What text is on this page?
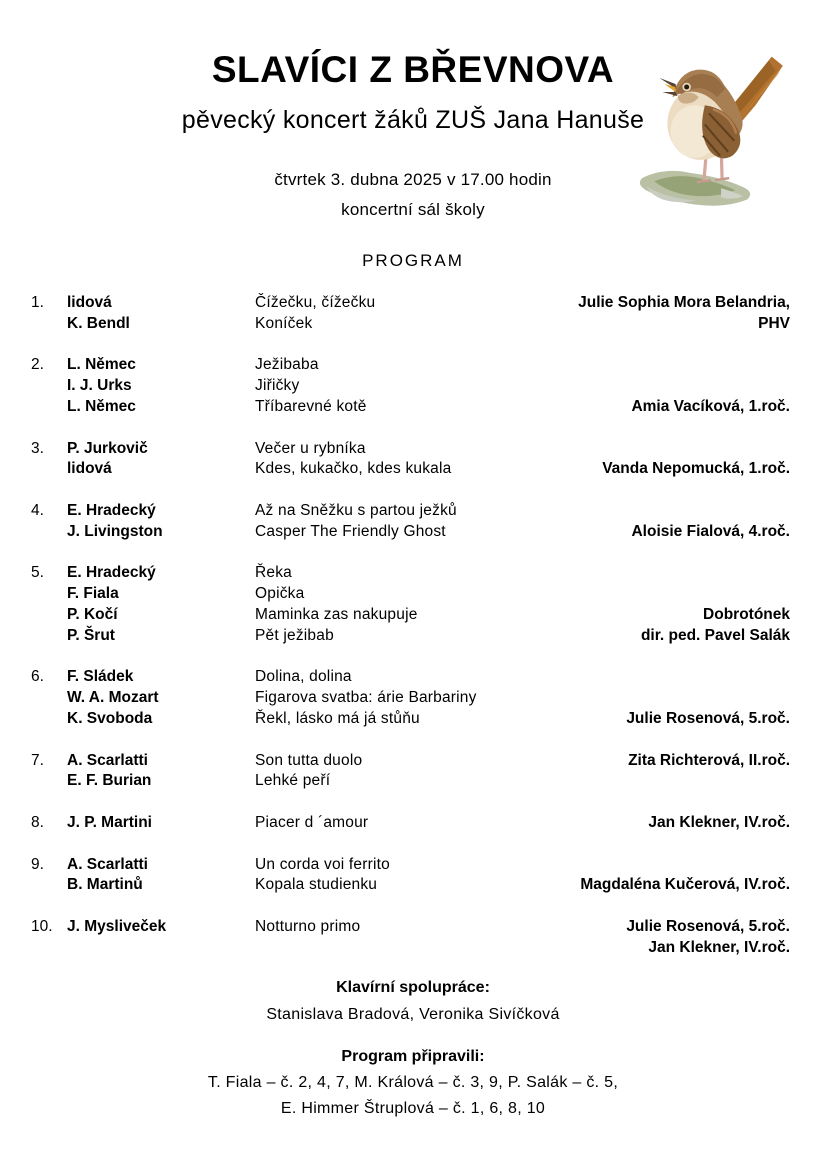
SLAVÍCI Z BŘEVNOVA
pěvecký koncert žáků ZUŠ Jana Hanuše
čtvrtek 3. dubna 2025 v 17.00 hodin
koncertní sál školy
PROGRAM
1.	lidová	Čížečku, čížečku	Julie Sophia Mora Belandria,
K. Bendl	Koníček	PHV
2.	L. Němec	Ježibaba
I. J. Urks	Jiřičky
L. Němec	Tříbarevné kotě	Amia Vacíková, 1.roč.
3.	P. Jurkovič	Večer u rybníka
lidová	Kdes, kukačko, kdes kukala	Vanda Nepomucká, 1.roč.
4.	E. Hradecký	Až na Sněžku s partou ježků
J. Livingston	Casper The Friendly Ghost	Aloisie Fialová, 4.roč.
5.	E. Hradecký	Řeka
F. Fiala	Opička
P. Kočí	Maminka zas nakupuje	Dobrotónek
P. Šrut	Pět ježibab	dir. ped. Pavel Salák
6.	F. Sládek	Dolina, dolina
W. A. Mozart	Figarova svatba: árie Barbariny
K. Svoboda	Řekl, lásko má já stůňu	Julie Rosenová, 5.roč.
7.	A. Scarlatti	Son tutta duolo	Zita Richterová, II.roč.
E. F. Burian	Lehké peří
8.	J. P. Martini	Piacer d ´amour	Jan Klekner, IV.roč.
9.	A. Scarlatti	Un corda voi ferrito
B. Martinů	Kopala studienku	Magdaléna Kučerová, IV.roč.
10. J. Mysliveček	Notturno primo	Julie Rosenová, 5.roč.
Jan Klekner, IV.roč.
Klavírní spolupráce:
Stanislava Bradová, Veronika Sivíčková
Program připravili:
T. Fiala – č. 2, 4, 7, M. Králová – č. 3, 9, P. Salák – č. 5,
E. Himmer Štruplová – č. 1, 6, 8, 10
